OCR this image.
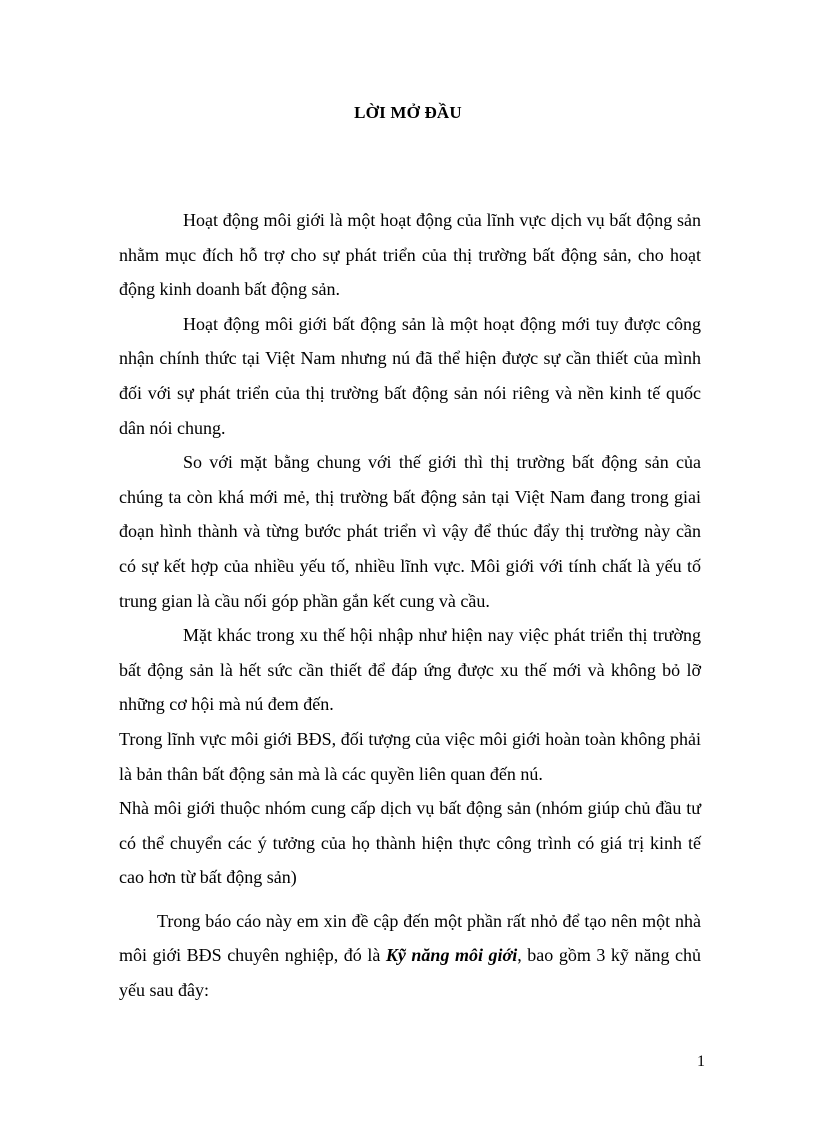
LỜI MỞ ĐẦU

Hoạt động môi giới là một hoạt động của lĩnh vực dịch vụ bất động sản nhằm mục đích hỗ trợ cho sự phát triển của thị trường bất động sản, cho hoạt động kinh doanh bất động sản.

Hoạt động môi giới bất động sản là một hoạt động mới tuy được công nhận chính thức tại Việt Nam nhưng nú đã thể hiện được sự cần thiết của mình đối với sự phát triển của thị trường bất động sản nói riêng và nền kinh tế quốc dân nói chung.

So với mặt bằng chung với thế giới thì thị trường bất động sản của chúng ta còn khá mới mẻ, thị trường bất động sản tại Việt Nam đang trong giai đoạn hình thành và từng bước phát triển vì vậy để thúc đẩy thị trường này cần có sự kết hợp của nhiều yếu tố, nhiều lĩnh vực. Môi giới với tính chất là yếu tố trung gian là cầu nối góp phần gắn kết cung và cầu.

Mặt khác trong xu thế hội nhập như hiện nay việc phát triển thị trường bất động sản là hết sức cần thiết để đáp ứng được xu thế mới và không bỏ lỡ những cơ hội mà nú đem đến.

Trong lĩnh vực môi giới BĐS, đối tượng của việc môi giới hoàn toàn không phải là bản thân bất động sản mà là các quyền liên quan đến nú.

Nhà môi giới thuộc nhóm cung cấp dịch vụ bất động sản (nhóm giúp chủ đầu tư có thể chuyển các ý tưởng của họ thành hiện thực công trình có giá trị kinh tế cao hơn từ bất động sản)

Trong báo cáo này em xin đề cập đến một phần rất nhỏ để tạo nên một nhà môi giới BĐS chuyên nghiệp, đó là Kỹ năng môi giới, bao gồm 3 kỹ năng chủ yếu sau đây:

1
